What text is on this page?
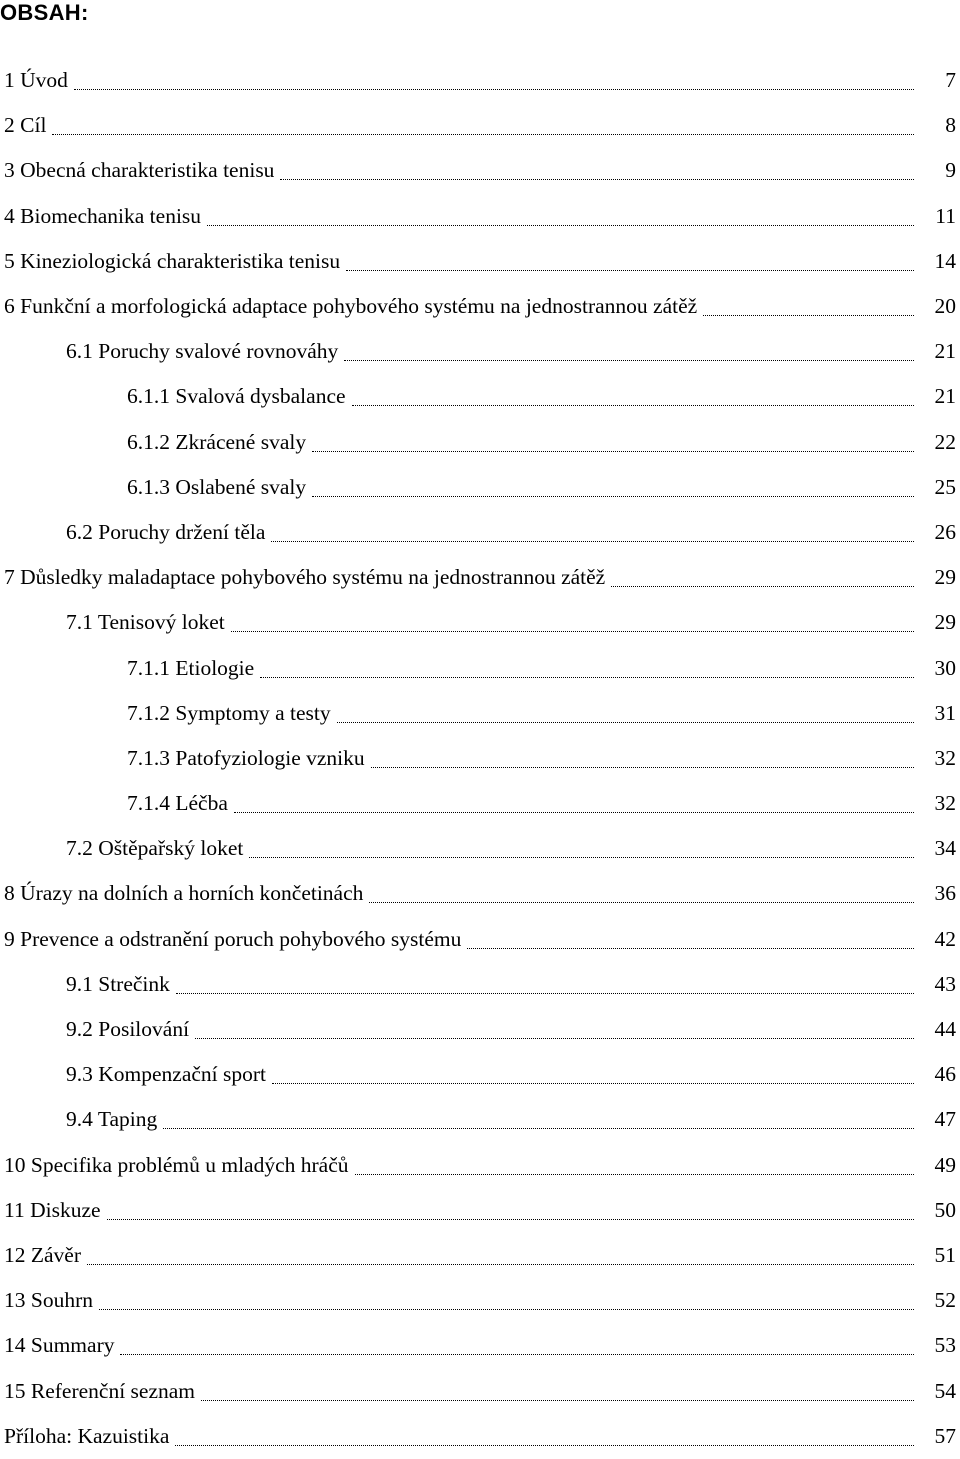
OBSAH:
1 Úvod	7
2 Cíl	8
3 Obecná charakteristika tenisu	9
4 Biomechanika tenisu	11
5 Kineziologická charakteristika tenisu	14
6 Funkční a morfologická adaptace pohybového systému na jednostrannou zátěž	20
6.1 Poruchy svalové rovnováhy	21
6.1.1 Svalová dysbalance	21
6.1.2 Zkrácené svaly	22
6.1.3 Oslabené svaly	25
6.2 Poruchy držení těla	26
7 Důsledky maladaptace pohybového systému na jednostrannou zátěž	29
7.1 Tenisový loket	29
7.1.1 Etiologie	30
7.1.2 Symptomy a testy	31
7.1.3 Patofyziologie vzniku	32
7.1.4 Léčba	32
7.2 Oštěpařský loket	34
8 Úrazy na dolních a horních končetinách	36
9 Prevence a odstranění poruch pohybového systému	42
9.1 Strečink	43
9.2 Posilování	44
9.3 Kompenzační sport	46
9.4 Taping	47
10 Specifika problémů u mladých hráčů	49
11 Diskuze	50
12 Závěr	51
13 Souhrn	52
14 Summary	53
15 Referenční seznam	54
Příloha: Kazuistika	57
